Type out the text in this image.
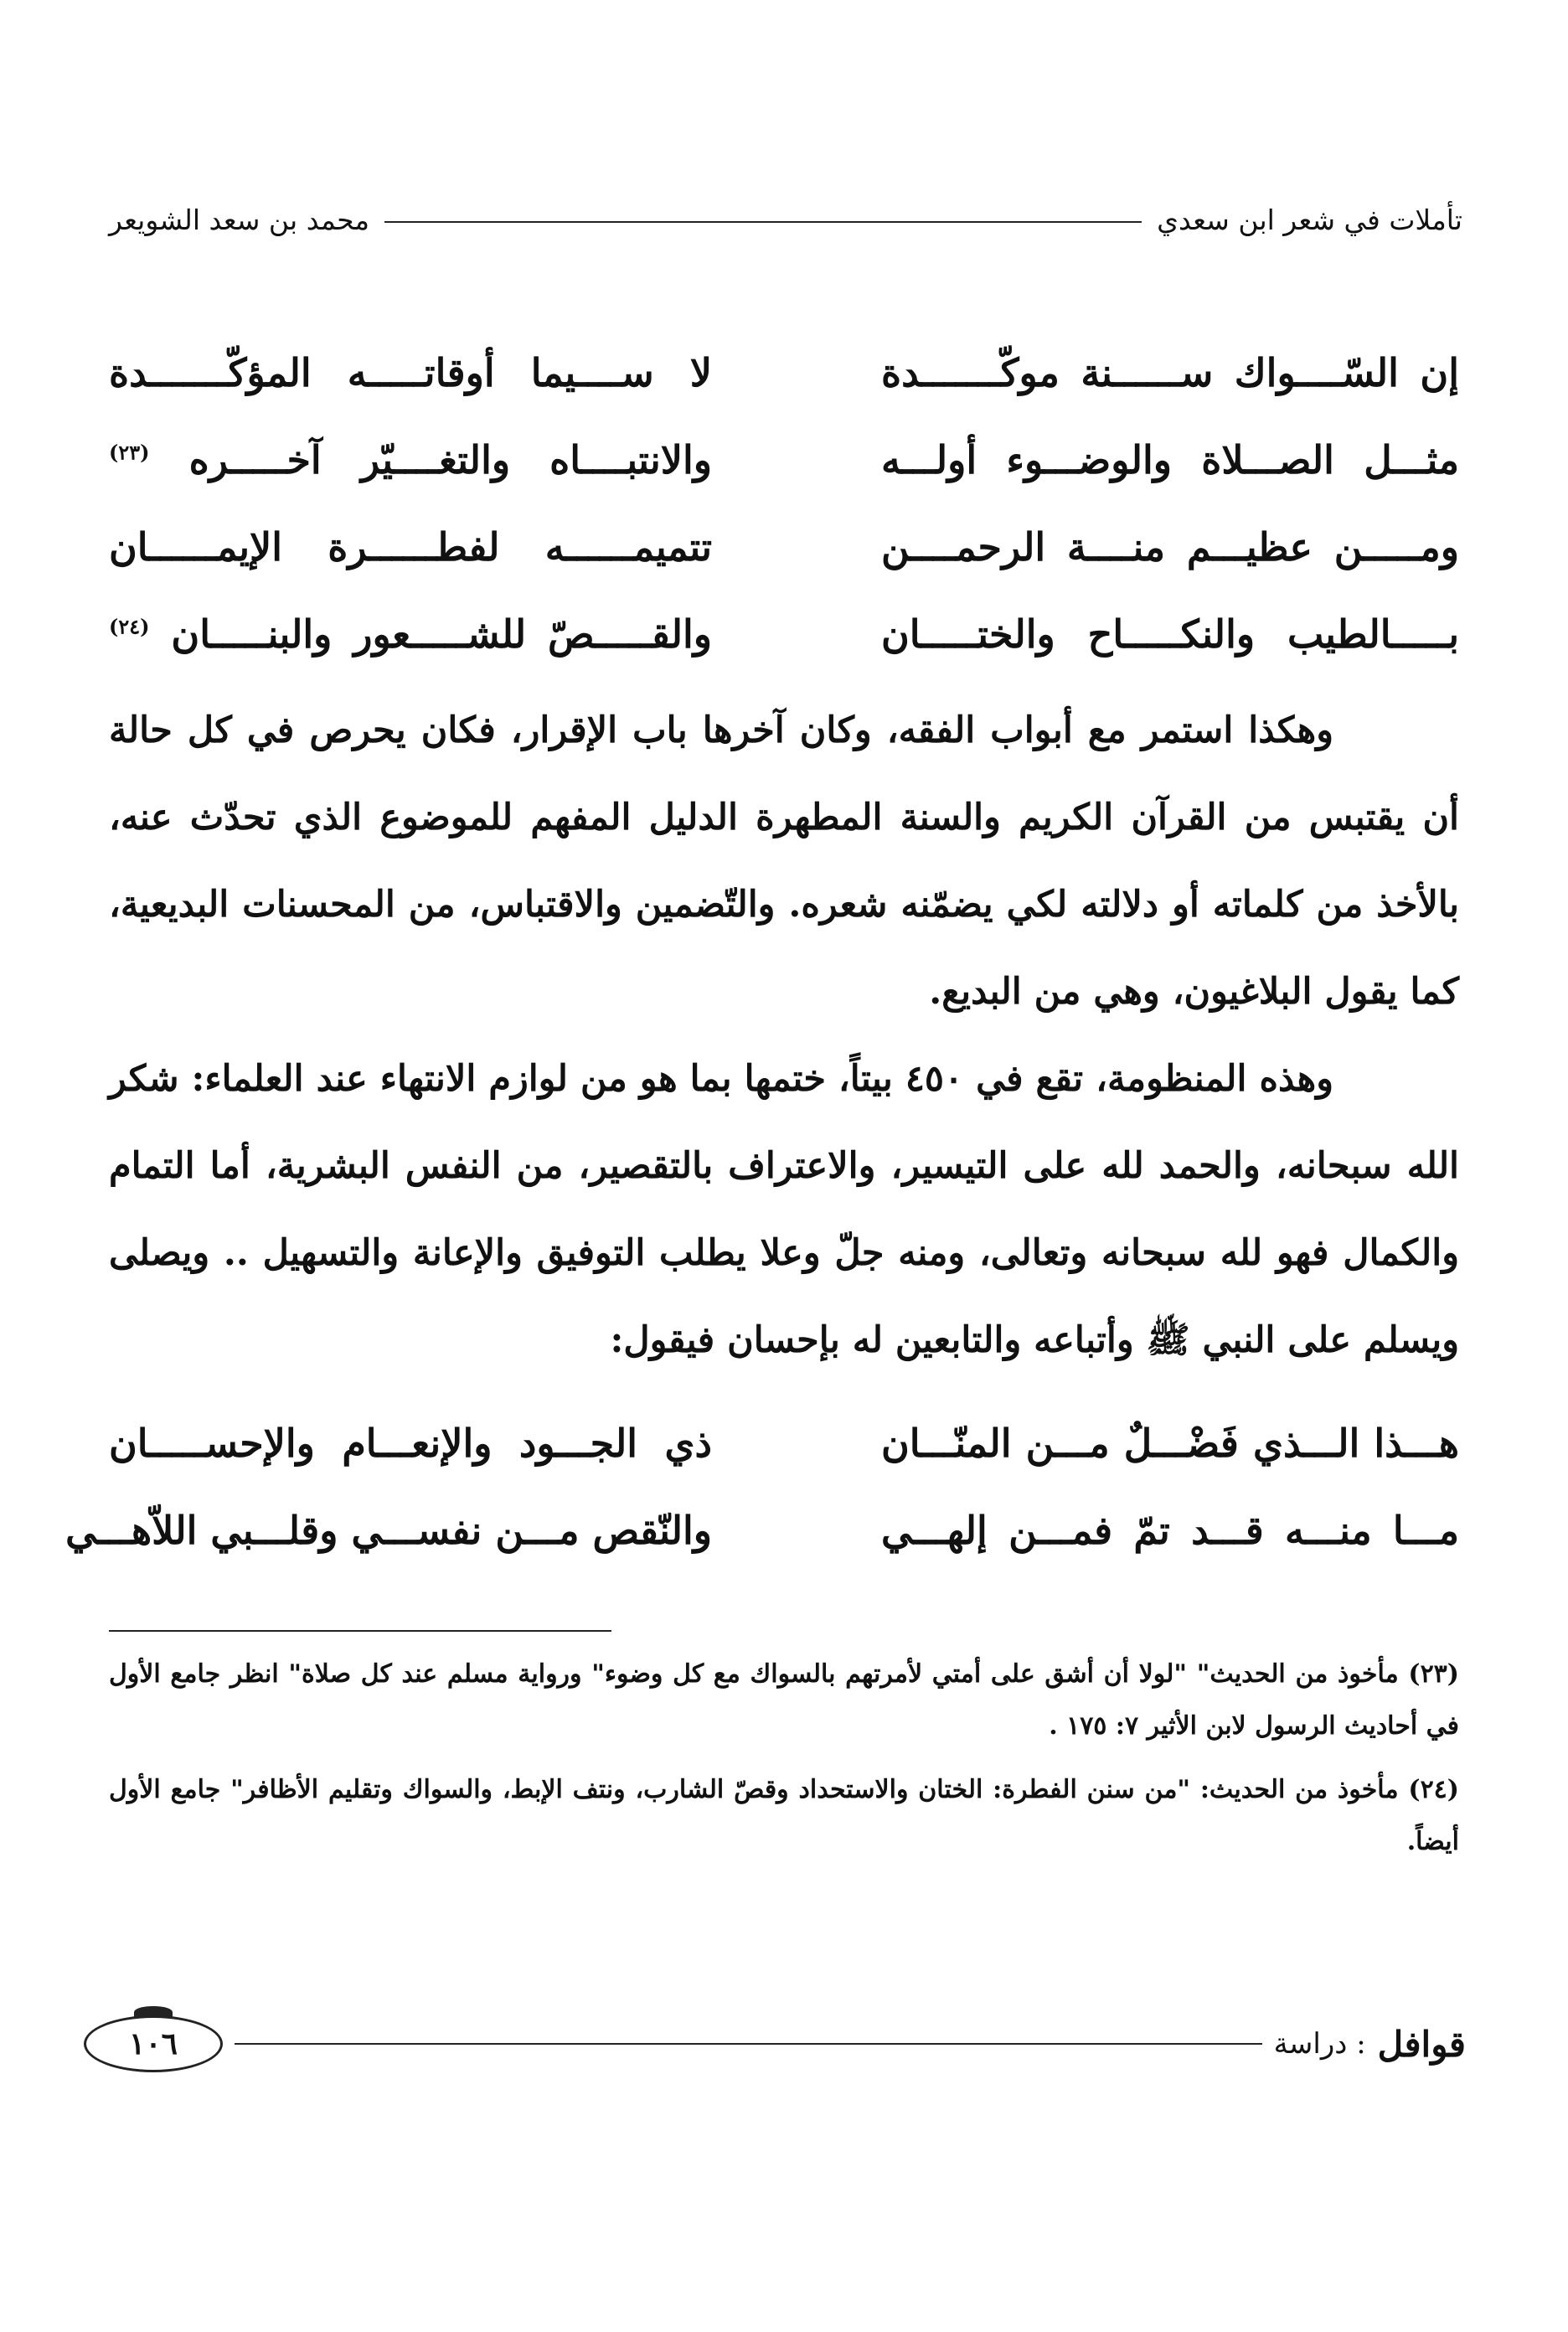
تأملات في شعر ابن سعدي
محمد بن سعد الشويعر
إن السّــــواك ســــــنة موكّـــــــدة
لا ســــيما أوقاتـــــه المؤكّـــــــدة
مثـــل الصـــلاة والوضـــوء أولـــه
والانتبــــاه والتغــــيّر آخـــــره $^{(٢٣)}$
ومـــــن عظيـــم منــــة الرحمــــن
تتميمــــــه لفطــــــرة الإيمــــــان
بـــــالطيب والنكـــــاح والختـــــان
والقـــــصّ للشـــــعور والبنـــــان $^{(٢٤)}$

وهكذا استمر مع أبواب الفقه، وكان آخرها باب الإقرار، فكان يحرص في كل حالة أن يقتبس من القرآن الكريم والسنة المطهرة الدليل المفهم للموضوع الذي تحدّث عنه، بالأخذ من كلماته أو دلالته لكي يضمّنه شعره. والتّضمين والاقتباس، من المحسنات البديعية، كما يقول البلاغيون، وهي من البديع.

وهذه المنظومة، تقع في ٤٥٠ بيتاً، ختمها بما هو من لوازم الانتهاء عند العلماء: شكر الله سبحانه، والحمد لله على التيسير، والاعتراف بالتقصير، من النفس البشرية، أما التمام والكمال فهو لله سبحانه وتعالى، ومنه جلّ وعلا يطلب التوفيق والإعانة والتسهيل .. ويصلى ويسلم على النبي ﷺ وأتباعه والتابعين له بإحسان فيقول:

هـــذا الـــذي فَضْـــلٌ مـــن المنّـــان
ذي الجـــود والإنعـــام والإحســـــان
مـــا منـــه قـــد تمّ فمـــن إلهـــي
والنّقص مـــن نفســـي وقلـــبي اللاّهـــي

(٢٣) مأخوذ من الحديث" "لولا أن أشق على أمتي لأمرتهم بالسواك مع كل وضوء" ورواية مسلم عند كل صلاة" انظر جامع الأول في أحاديث الرسول لابن الأثير ٧: ١٧٥ .

(٢٤) مأخوذ من الحديث: "من سنن الفطرة: الختان والاستحداد وقصّ الشارب، ونتف الإبط، والسواك وتقليم الأظافر" جامع الأول أيضاً.

قوافل
: دراسة
١٠٦
